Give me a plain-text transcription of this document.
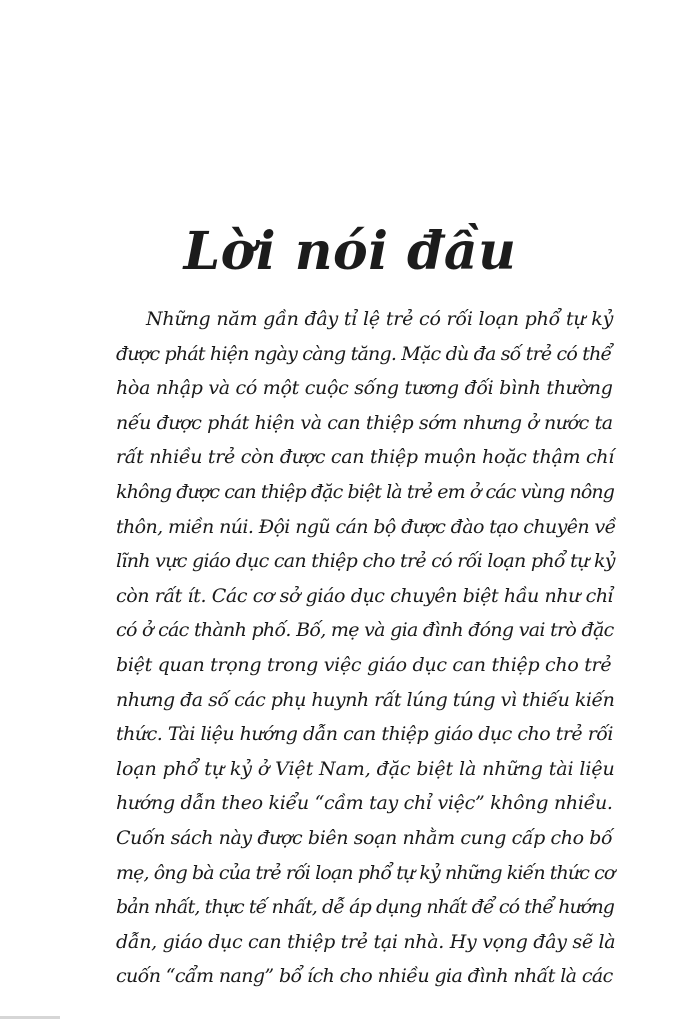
Lời nói đầu
Những năm gần đây tỉ lệ trẻ có rối loạn phổ tự kỷ
được phát hiện ngày càng tăng. Mặc dù đa số trẻ có thể
hòa nhập và có một cuộc sống tương đối bình thường
nếu được phát hiện và can thiệp sớm nhưng ở nước ta
rất nhiều trẻ còn được can thiệp muộn hoặc thậm chí
không được can thiệp đặc biệt là trẻ em ở các vùng nông
thôn, miền núi. Đội ngũ cán bộ được đào tạo chuyên về
lĩnh vực giáo dục can thiệp cho trẻ có rối loạn phổ tự kỷ
còn rất ít. Các cơ sở giáo dục chuyên biệt hầu như chỉ
có ở các thành phố. Bố, mẹ và gia đình đóng vai trò đặc
biệt quan trọng trong việc giáo dục can thiệp cho trẻ
nhưng đa số các phụ huynh rất lúng túng vì thiếu kiến
thức. Tài liệu hướng dẫn can thiệp giáo dục cho trẻ rối
loạn phổ tự kỷ ở Việt Nam, đặc biệt là những tài liệu
hướng dẫn theo kiểu “cầm tay chỉ việc” không nhiều.
Cuốn sách này được biên soạn nhằm cung cấp cho bố
mẹ, ông bà của trẻ rối loạn phổ tự kỷ những kiến thức cơ
bản nhất, thực tế nhất, dễ áp dụng nhất để có thể hướng
dẫn, giáo dục can thiệp trẻ tại nhà. Hy vọng đây sẽ là
cuốn “cẩm nang” bổ ích cho nhiều gia đình nhất là các
